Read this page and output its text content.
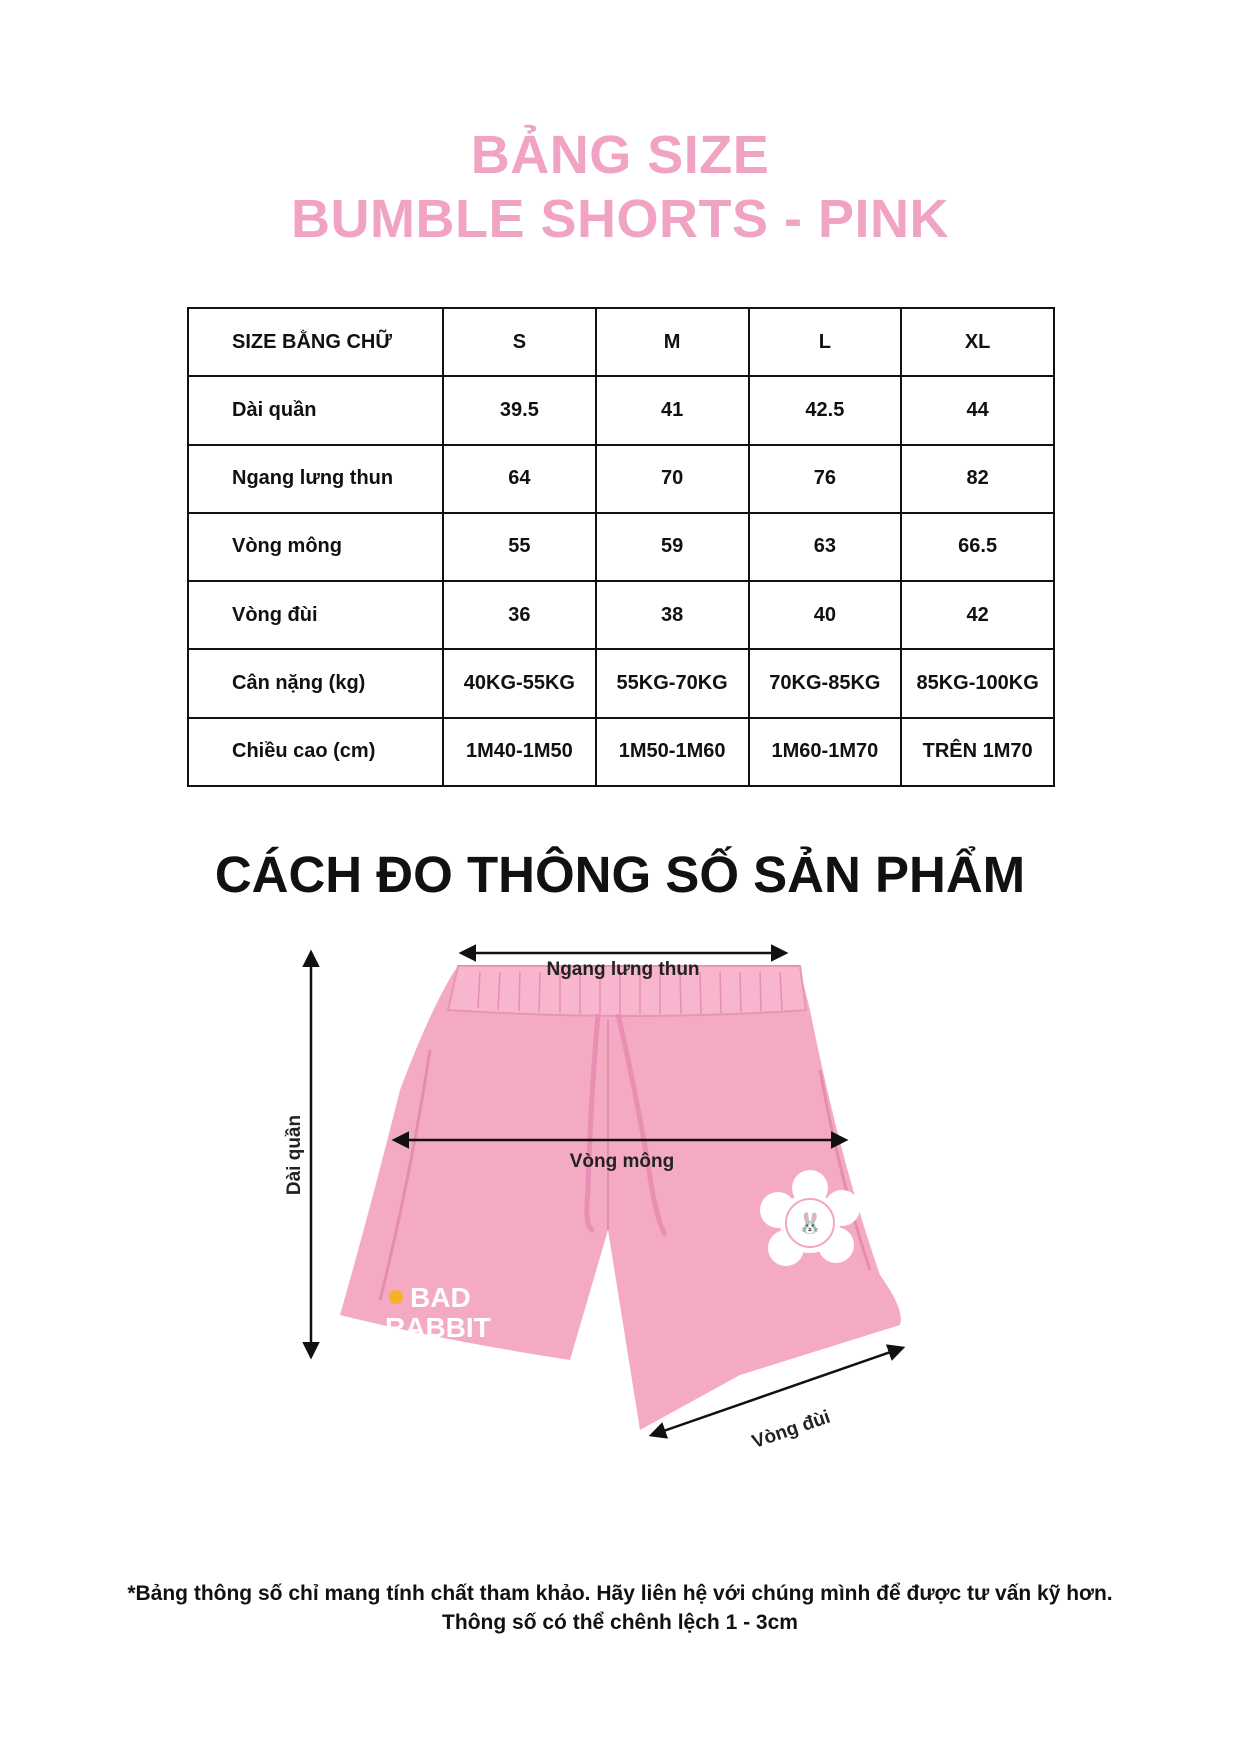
BẢNG SIZE
BUMBLE SHORTS - PINK
SIZE BẰNG CHỮ	S	M	L	XL
Dài quần	39.5	41	42.5	44
Ngang lưng thun	64	70	76	82
Vòng mông	55	59	63	66.5
Vòng đùi	36	38	40	42
Cân nặng (kg)	40KG-55KG	55KG-70KG	70KG-85KG	85KG-100KG
Chiều cao (cm)	1M40-1M50	1M50-1M60	1M60-1M70	TRÊN 1M70
CÁCH ĐO THÔNG SỐ SẢN PHẨM
🐰
BAD
RABBIT
Ngang lưng thun
Vòng mông
Dài quần
Vòng đùi
*Bảng thông số chỉ mang tính chất tham khảo. Hãy liên hệ với chúng mình để được tư vấn kỹ hơn.
Thông số có thể chênh lệch 1 - 3cm
